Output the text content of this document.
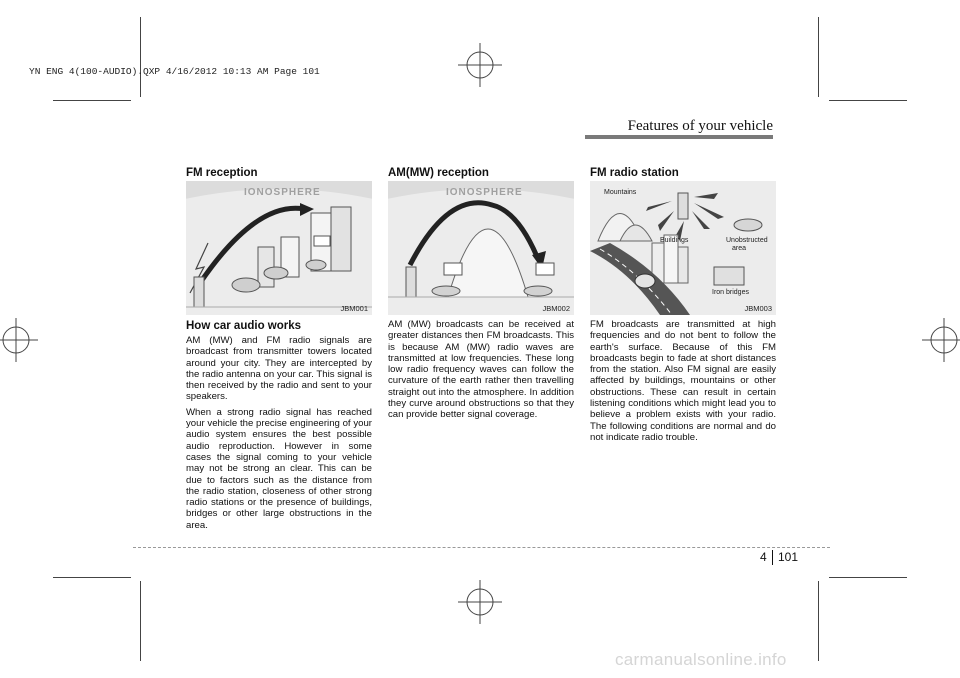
YN ENG 4(100-AUDIO).QXP 4/16/2012 10:13 AM Page 101
Features of your vehicle
FM reception	AM(MW) reception	FM radio station
IONOSPHERE
JBM001
IONOSPHERE
JBM002
Mountains
Buildings	Unobstructed
area
Iron bridges
JBM003
How car audio works

AM (MW) and FM radio signals are broadcast from transmitter towers located around your city. They are intercepted by the radio antenna on your car. This signal is then received by the radio and sent to your speakers.

When a strong radio signal has reached your vehicle the precise engineering of your audio system ensures the best possible audio reproduction. However in some cases the signal coming to your vehicle may not be strong an clear. This can be due to factors such as the distance from the radio station, closeness of other strong radio stations or the presence of buildings, bridges or other large obstructions in the area.

AM (MW) broadcasts can be received at greater distances then FM broadcasts. This is because AM (MW) radio waves are transmitted at low frequencies. These long low radio frequency waves can follow the curvature of the earth rather then travelling straight out into the atmosphere. In addition they curve around obstructions so that they can provide better signal coverage.

FM broadcasts are transmitted at high frequencies and do not bent to follow the earth's surface. Because of this FM broadcasts begin to fade at short distances from the station. Also FM signal are easily affected by buildings, mountains or other obstructions. These can result in certain listening conditions which might lead you to believe a problem exists with your radio. The following conditions are normal and do not indicate radio trouble.

4 101
carmanualsonline.info
